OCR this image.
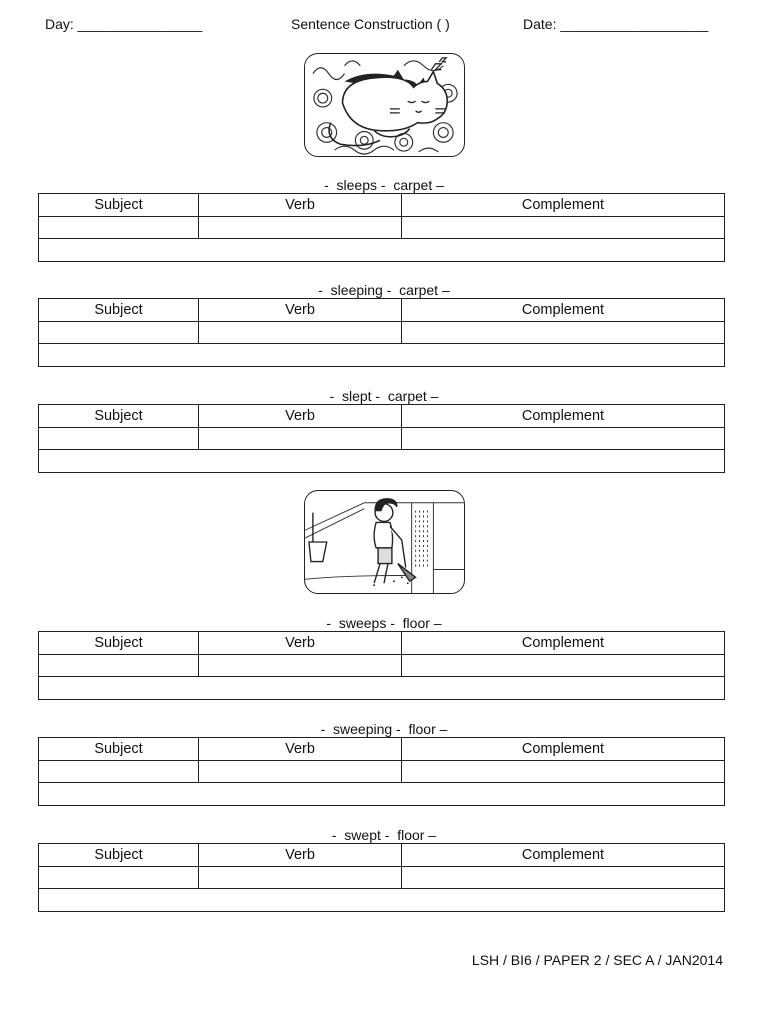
Day: ________________	Sentence Construction ( )	Date: ___________________
-  sleeps -  carpet –
Subject	Verb	Complement

-  sleeping -  carpet –
Subject	Verb	Complement

-  slept -  carpet –
Subject	Verb	Complement

-  sweeps -  floor –
Subject	Verb	Complement

-  sweeping -  floor –
Subject	Verb	Complement

-  swept -  floor –
Subject	Verb	Complement

LSH / BI6 / PAPER 2 / SEC A / JAN2014
